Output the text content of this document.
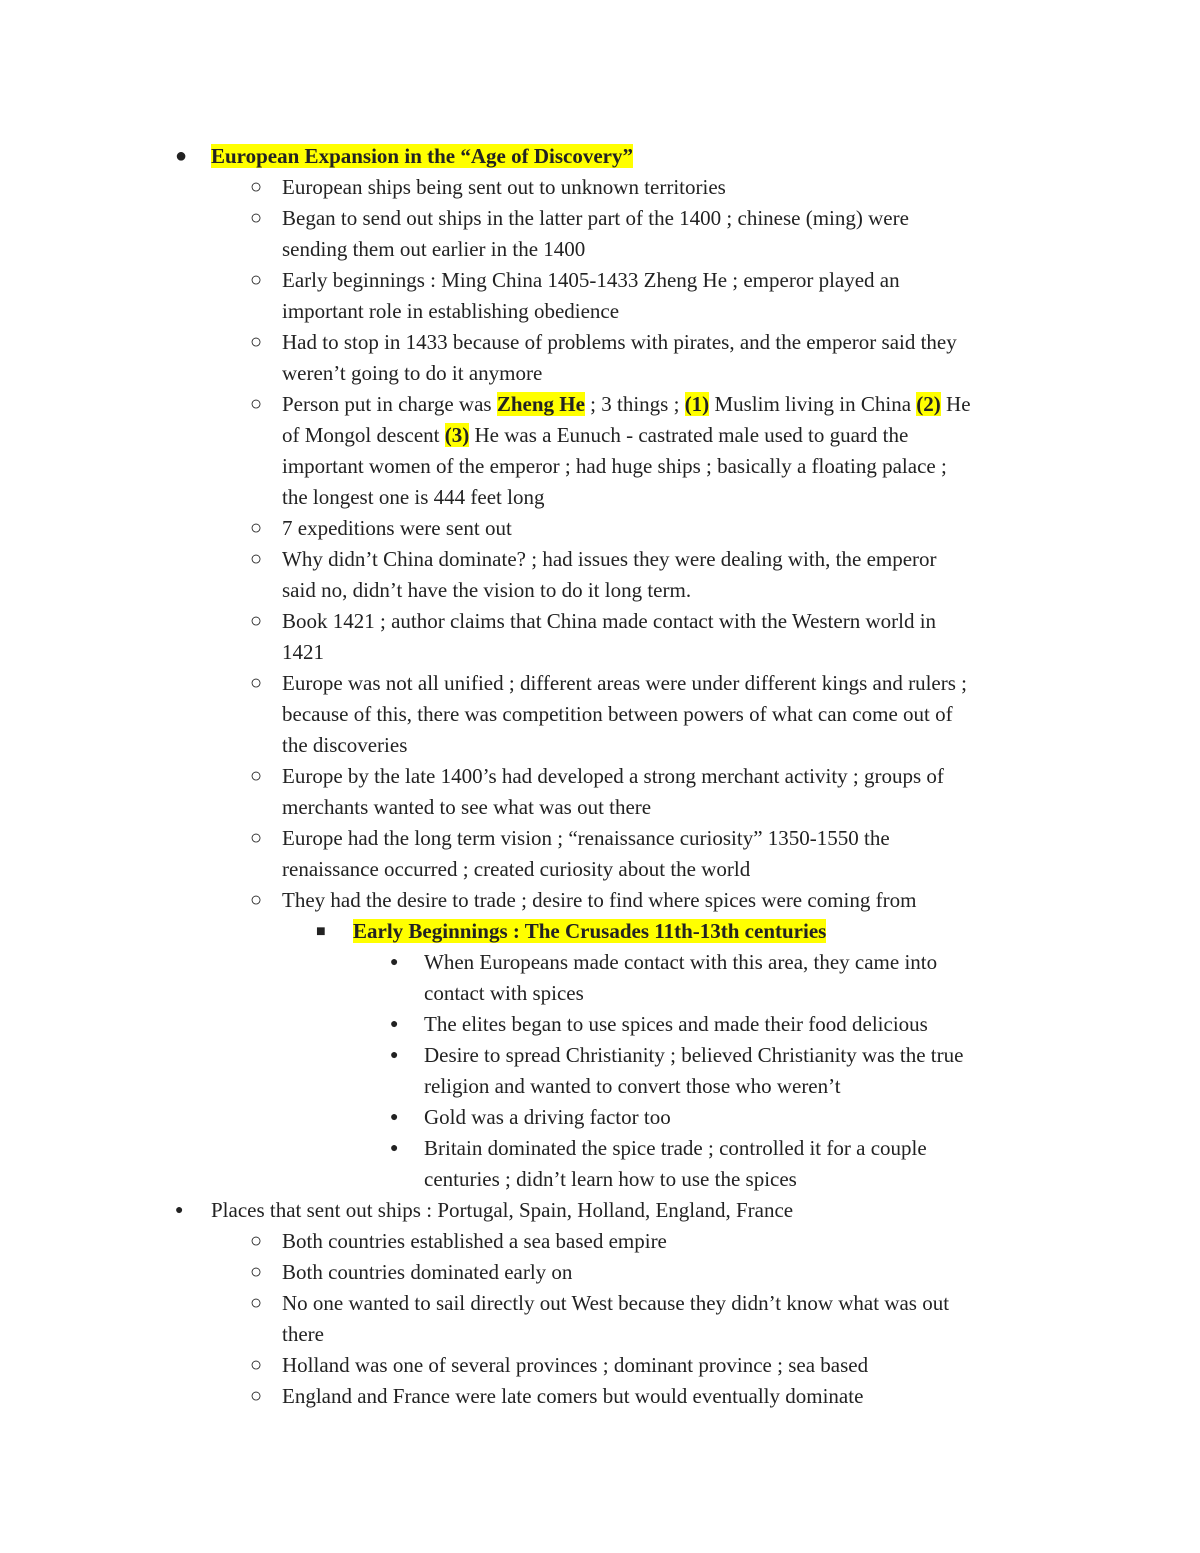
● European Expansion in the “Age of Discovery”
○ European ships being sent out to unknown territories
○ Began to send out ships in the latter part of the 1400 ; chinese (ming) were
sending them out earlier in the 1400
○ Early beginnings : Ming China 1405-1433 Zheng He ; emperor played an
important role in establishing obedience
○ Had to stop in 1433 because of problems with pirates, and the emperor said they
weren’t going to do it anymore
○ Person put in charge was Zheng He ; 3 things ; (1) Muslim living in China (2) He
of Mongol descent (3) He was a Eunuch - castrated male used to guard the
important women of the emperor ; had huge ships ; basically a floating palace ;
the longest one is 444 feet long
○ 7 expeditions were sent out
○ Why didn’t China dominate? ; had issues they were dealing with, the emperor
said no, didn’t have the vision to do it long term.
○ Book 1421 ; author claims that China made contact with the Western world in
1421
○ Europe was not all unified ; different areas were under different kings and rulers ;
because of this, there was competition between powers of what can come out of
the discoveries
○ Europe by the late 1400’s had developed a strong merchant activity ; groups of
merchants wanted to see what was out there
○ Europe had the long term vision ; “renaissance curiosity” 1350-1550 the
renaissance occurred ; created curiosity about the world
○ They had the desire to trade ; desire to find where spices were coming from
■ Early Beginnings : The Crusades 11th-13th centuries
● When Europeans made contact with this area, they came into
contact with spices
● The elites began to use spices and made their food delicious
● Desire to spread Christianity ; believed Christianity was the true
religion and wanted to convert those who weren’t
● Gold was a driving factor too
● Britain dominated the spice trade ; controlled it for a couple
centuries ; didn’t learn how to use the spices
● Places that sent out ships : Portugal, Spain, Holland, England, France
○ Both countries established a sea based empire
○ Both countries dominated early on
○ No one wanted to sail directly out West because they didn’t know what was out
there
○ Holland was one of several provinces ; dominant province ; sea based
○ England and France were late comers but would eventually dominate
